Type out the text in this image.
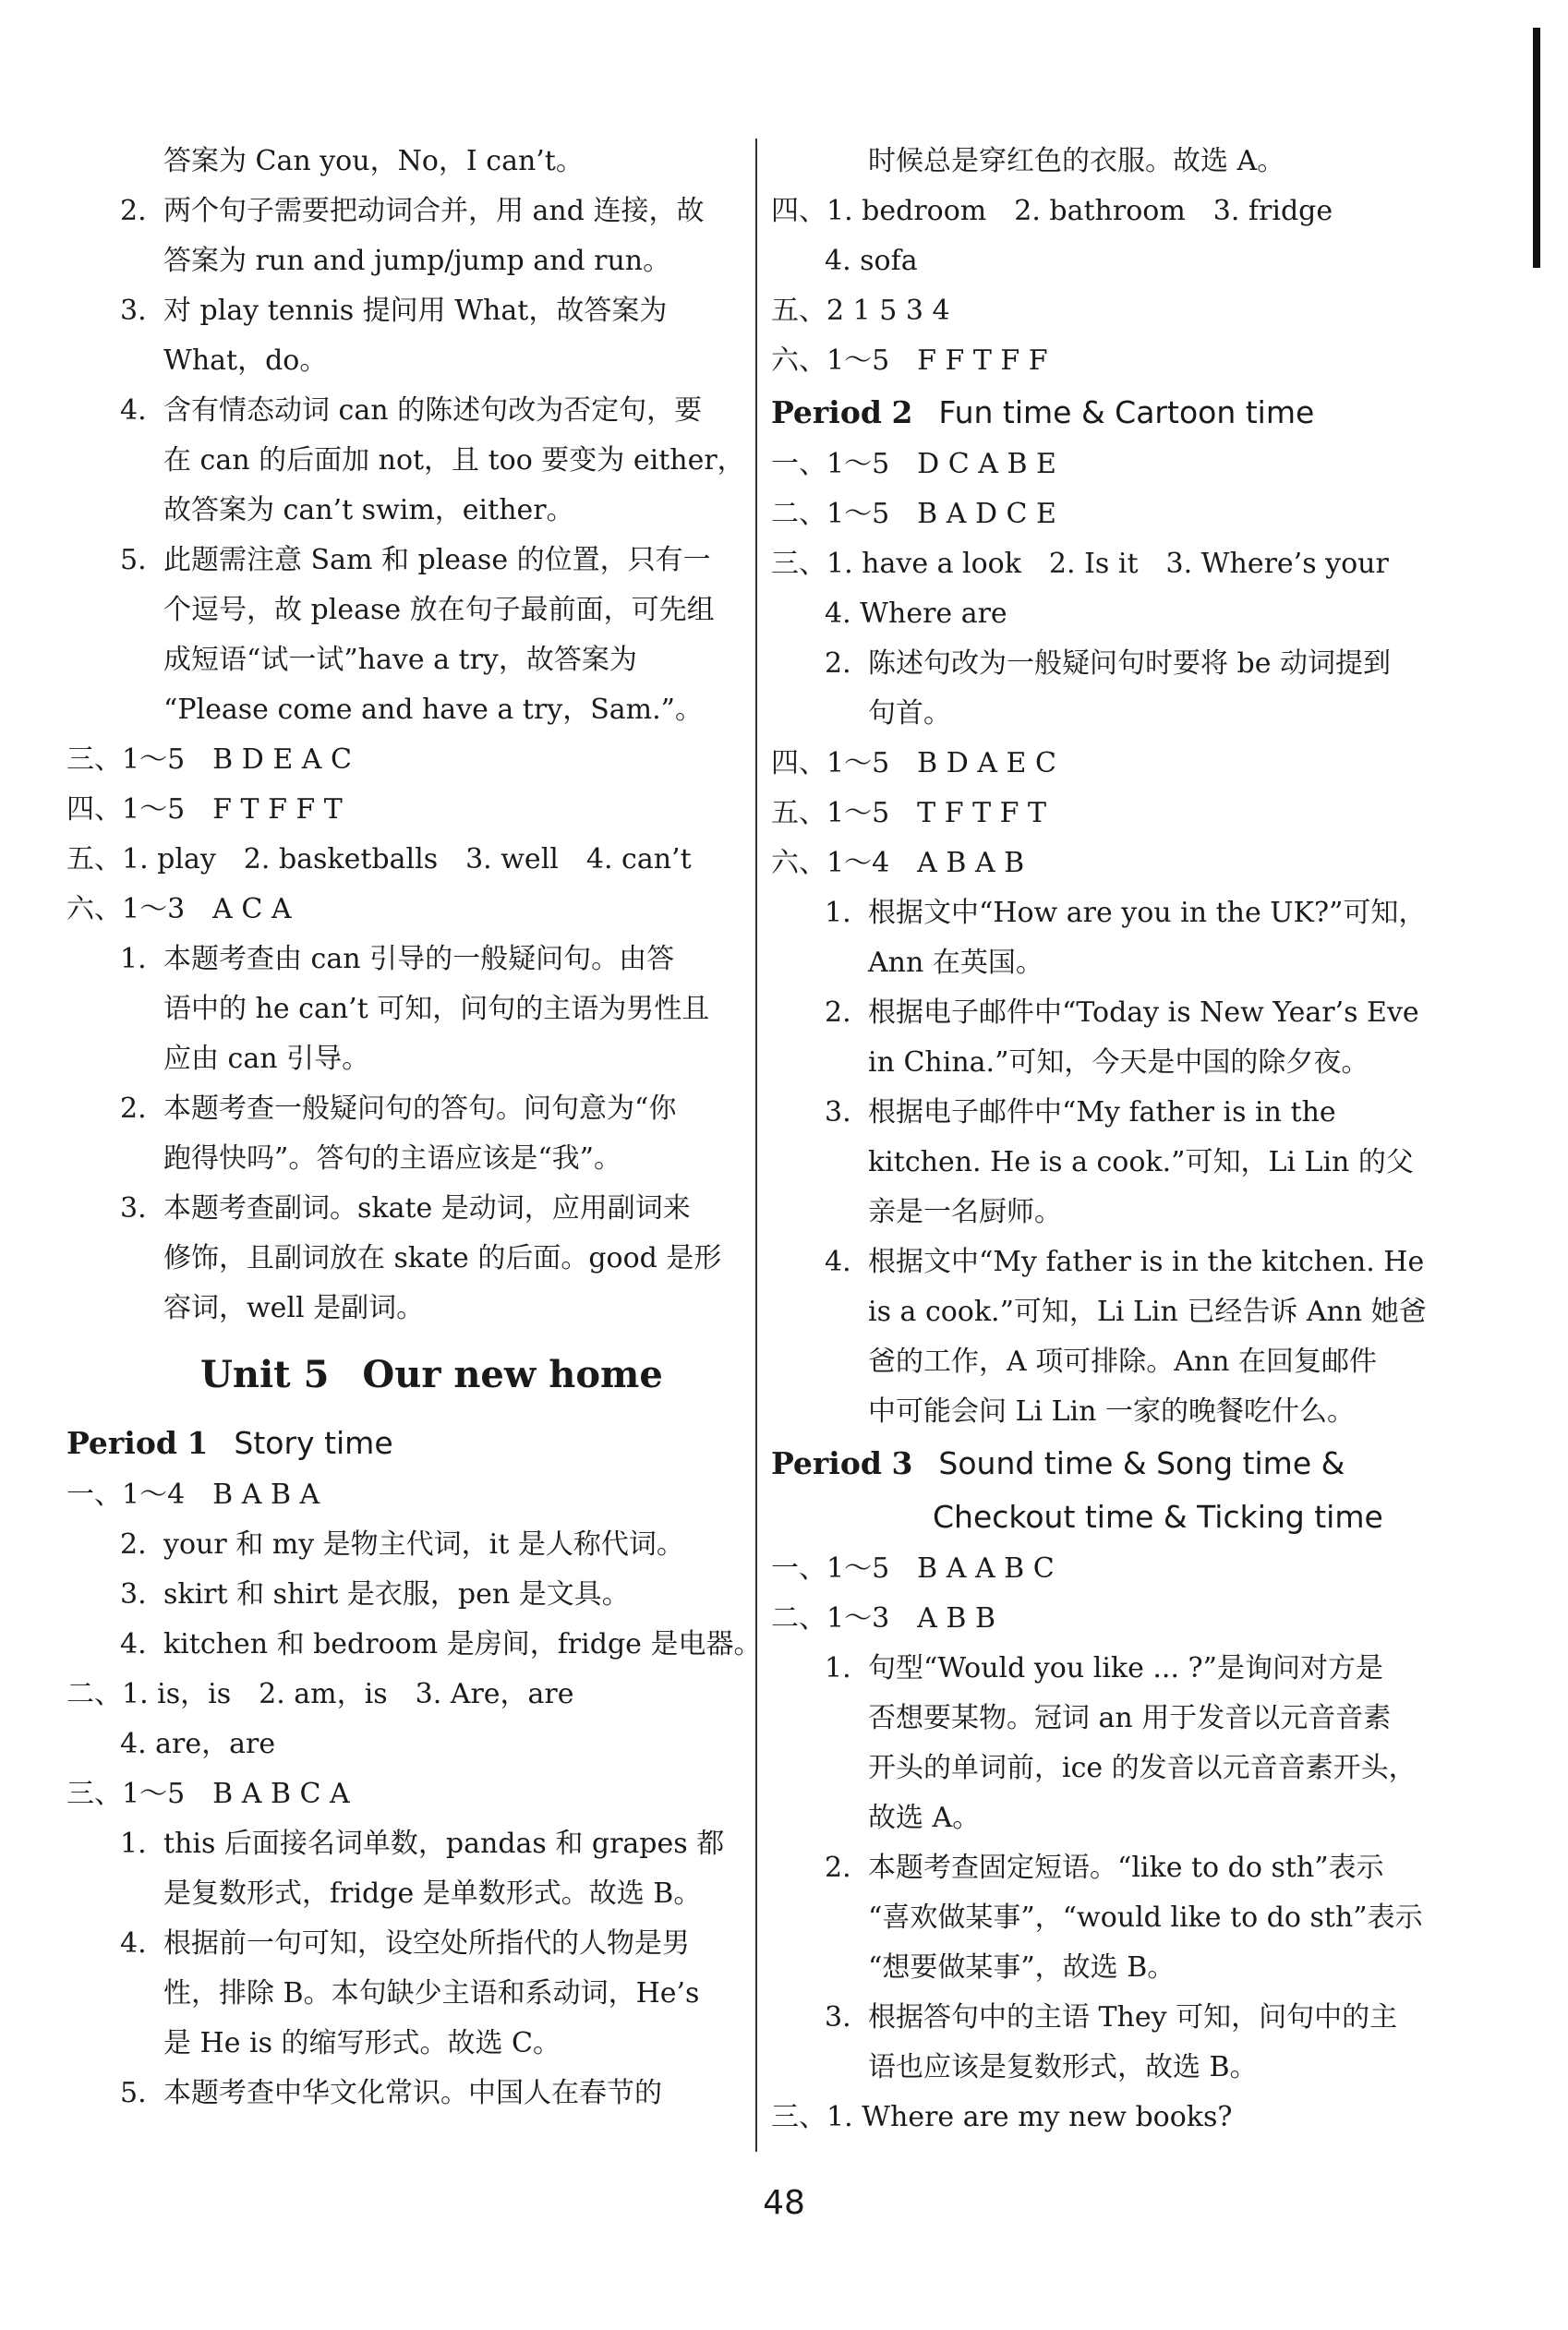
答案为 Can you，No，I can’t。
2. 两个句子需要把动词合并，用 and 连接，故
答案为 run and jump/jump and run。
3. 对 play tennis 提问用 What，故答案为
What，do。
4. 含有情态动词 can 的陈述句改为否定句，要
在 can 的后面加 not，且 too 要变为 either，
故答案为 can’t swim，either。
5. 此题需注意 Sam 和 please 的位置，只有一
个逗号，故 please 放在句子最前面，可先组
成短语“试一试”have a try，故答案为
“Please come and have a try，Sam.”。
三、1～5　B D E A C
四、1～5　F T F F T
五、1. play　2. basketballs　3. well　4. can’t
六、1～3　A C A
1. 本题考查由 can 引导的一般疑问句。由答
语中的 he can’t 可知，问句的主语为男性且
应由 can 引导。
2. 本题考查一般疑问句的答句。问句意为“你
跑得快吗”。答句的主语应该是“我”。
3. 本题考查副词。skate 是动词，应用副词来
修饰，且副词放在 skate 的后面。good 是形
容词，well 是副词。
Unit 5 Our new home
Period 1 Story time
一、1～4　B A B A
2. your 和 my 是物主代词，it 是人称代词。
3. skirt 和 shirt 是衣服，pen 是文具。
4. kitchen 和 bedroom 是房间，fridge 是电器。
二、1. is，is　2. am，is　3. Are，are
4. are，are
三、1～5　B A B C A
1. this 后面接名词单数，pandas 和 grapes 都
是复数形式，fridge 是单数形式。故选 B。
4. 根据前一句可知，设空处所指代的人物是男
性，排除 B。本句缺少主语和系动词，He’s
是 He is 的缩写形式。故选 C。
5. 本题考查中华文化常识。中国人在春节的
时候总是穿红色的衣服。故选 A。
四、1. bedroom　2. bathroom　3. fridge
4. sofa
五、2 1 5 3 4
六、1～5　F F T F F
Period 2 Fun time & Cartoon time
一、1～5　D C A B E
二、1～5　B A D C E
三、1. have a look　2. Is it　3. Where’s your
4. Where are
2. 陈述句改为一般疑问句时要将 be 动词提到
句首。
四、1～5　B D A E C
五、1～5　T F T F T
六、1～4　A B A B
1. 根据文中“How are you in the UK?”可知，
Ann 在英国。
2. 根据电子邮件中“Today is New Year’s Eve
in China.”可知，今天是中国的除夕夜。
3. 根据电子邮件中“My father is in the
kitchen. He is a cook.”可知，Li Lin 的父
亲是一名厨师。
4. 根据文中“My father is in the kitchen. He
is a cook.”可知，Li Lin 已经告诉 Ann 她爸
爸的工作，A 项可排除。Ann 在回复邮件
中可能会问 Li Lin 一家的晚餐吃什么。
Period 3 Sound time & Song time &
Checkout time & Ticking time
一、1～5　B A A B C
二、1～3　A B B
1. 句型“Would you like ... ?”是询问对方是
否想要某物。冠词 an 用于发音以元音音素
开头的单词前，ice 的发音以元音音素开头，
故选 A。
2. 本题考查固定短语。“like to do sth”表示
“喜欢做某事”，“would like to do sth”表示
“想要做某事”，故选 B。
3. 根据答句中的主语 They 可知，问句中的主
语也应该是复数形式，故选 B。
三、1. Where are my new books?
48
